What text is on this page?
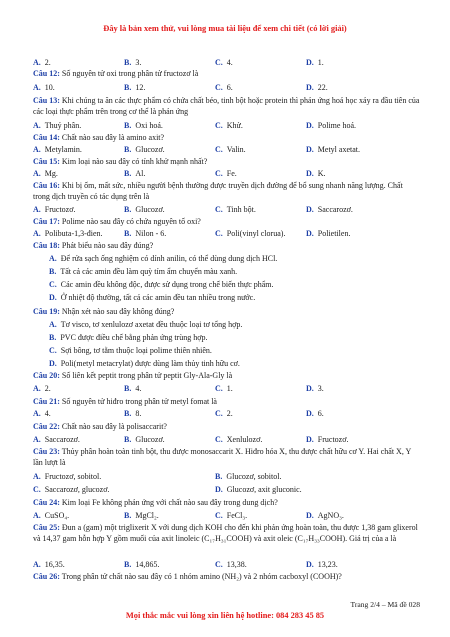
Đây là bản xem thử, vui lòng mua tài liệu để xem chi tiết (có lời giải)
A. 2.	B. 3.	C. 4.	D. 1.
Câu 12: Số nguyên tử oxi trong phân tử fructozơ là
A. 10.	B. 12.	C. 6.	D. 22.
Câu 13: Khi chúng ta ăn các thực phẩm có chứa chất béo, tinh bột hoặc protein thì phản ứng hoá học xảy ra đầu tiên của các loại thực phẩm trên trong cơ thể là phản ứng
A. Thuỷ phân.	B. Oxi hoá.	C. Khử.	D. Polime hoá.
Câu 14: Chất nào sau đây là amino axit?
A. Metylamin.	B. Glucozơ.	C. Valin.	D. Metyl axetat.
Câu 15: Kim loại nào sau đây có tính khử mạnh nhất?
A. Mg.	B. Al.	C. Fe.	D. K.
Câu 16: Khi bị ốm, mất sức, nhiều người bệnh thường được truyền dịch đường để bổ sung nhanh năng lượng. Chất trong dịch truyền có tác dụng trên là
A. Fructozơ.	B. Glucozơ.	C. Tinh bột.	D. Saccarozơ.
Câu 17: Polime nào sau đây có chứa nguyên tố oxi?
A. Polibuta-1,3-đien.	B. Nilon - 6.	C. Poli(vinyl clorua).	D. Polietilen.
Câu 18: Phát biểu nào sau đây đúng?
A. Để rửa sạch ống nghiệm có dính anilin, có thể dùng dung dịch HCl.
B. Tất cả các amin đều làm quỳ tím ẩm chuyển màu xanh.
C. Các amin đều không độc, được sử dụng trong chế biến thực phẩm.
D. Ở nhiệt độ thường, tất cả các amin đều tan nhiều trong nước.
Câu 19: Nhận xét nào sau đây không đúng?
A. Tơ visco, tơ xenlulozơ axetat đều thuộc loại tơ tổng hợp.
B. PVC được điều chế bằng phản ứng trùng hợp.
C. Sợi bông, tơ tằm thuộc loại polime thiên nhiên.
D. Poli(metyl metacrylat) được dùng làm thủy tinh hữu cơ.
Câu 20: Số liên kết peptit trong phân tử peptit Gly-Ala-Gly là
A. 2.	B. 4.	C. 1.	D. 3.
Câu 21: Số nguyên tử hiđro trong phân tử metyl fomat là
A. 4.	B. 8.	C. 2.	D. 6.
Câu 22: Chất nào sau đây là polisaccarit?
A. Saccarozơ.	B. Glucozơ.	C. Xenlulozơ.	D. Fructozơ.
Câu 23: Thủy phân hoàn toàn tinh bột, thu được monosaccarit X. Hiđro hóa X, thu được chất hữu cơ Y. Hai chất X, Y lần lượt là
A. Fructozơ, sobitol.	B. Glucozơ, sobitol.
C. Saccarozơ, glucozơ.	D. Glucozơ, axit gluconic.
Câu 24: Kim loại Fe không phản ứng với chất nào sau đây trong dung dịch?
A. CuSO₄.	B. MgCl₂.	C. FeCl₃.	D. AgNO₃.
Câu 25: Đun a (gam) một triglixerit X với dung dịch KOH cho đến khi phản ứng hoàn toàn, thu được 1,38 gam glixerol và 14,37 gam hỗn hợp Y gồm muối của axit linoleic (C₁₇H₃₁COOH) và axit oleic (C₁₇H₃₃COOH). Giá trị của a là
A. 16,35.	B. 14,865.	C. 13,38.	D. 13,23.
Câu 26: Trong phân tử chất nào sau đây có 1 nhóm amino (NH₂) và 2 nhóm cacboxyl (COOH)?
Trang 2/4 – Mã đề 028
Mọi thắc mắc vui lòng xin liên hệ hotline: 084 283 45 85
